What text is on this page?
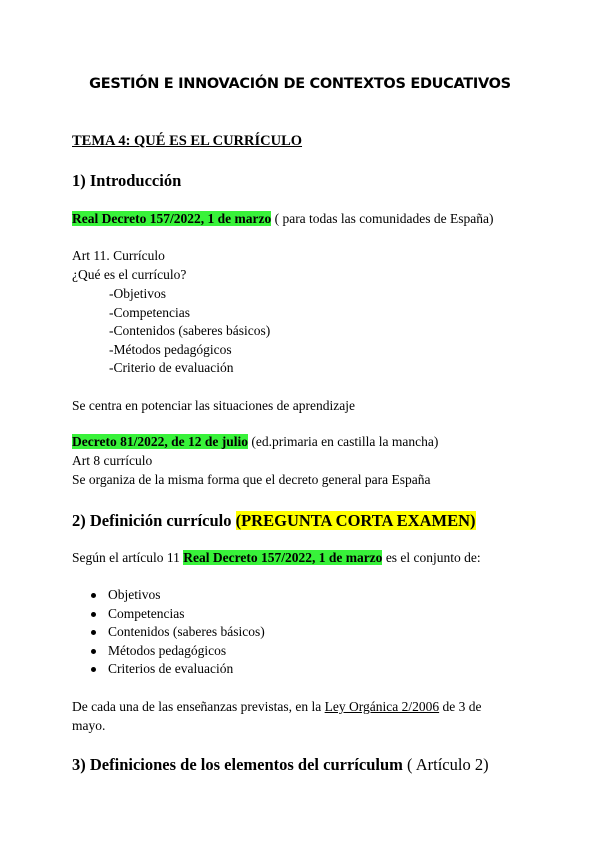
GESTIÓN E INNOVACIÓN DE CONTEXTOS EDUCATIVOS
TEMA 4: QUÉ ES EL CURRÍCULO
1) Introducción
Real Decreto 157/2022, 1 de marzo ( para todas las comunidades de España)
Art 11. Currículo
¿Qué es el currículo?
-Objetivos
-Competencias
-Contenidos (saberes básicos)
-Métodos pedagógicos
-Criterio de evaluación
Se centra en potenciar las situaciones de aprendizaje
Decreto 81/2022, de 12 de julio (ed.primaria en castilla la mancha)
Art 8 currículo
Se organiza de la misma forma que el decreto general para España
2) Definición currículo (PREGUNTA CORTA EXAMEN)
Según el artículo 11 Real Decreto 157/2022, 1 de marzo es el conjunto de:
Objetivos
Competencias
Contenidos (saberes básicos)
Métodos pedagógicos
Criterios de evaluación
De cada una de las enseñanzas previstas, en la Ley Orgánica 2/2006 de 3 de
mayo.
3) Definiciones de los elementos del currículum ( Artículo 2)
